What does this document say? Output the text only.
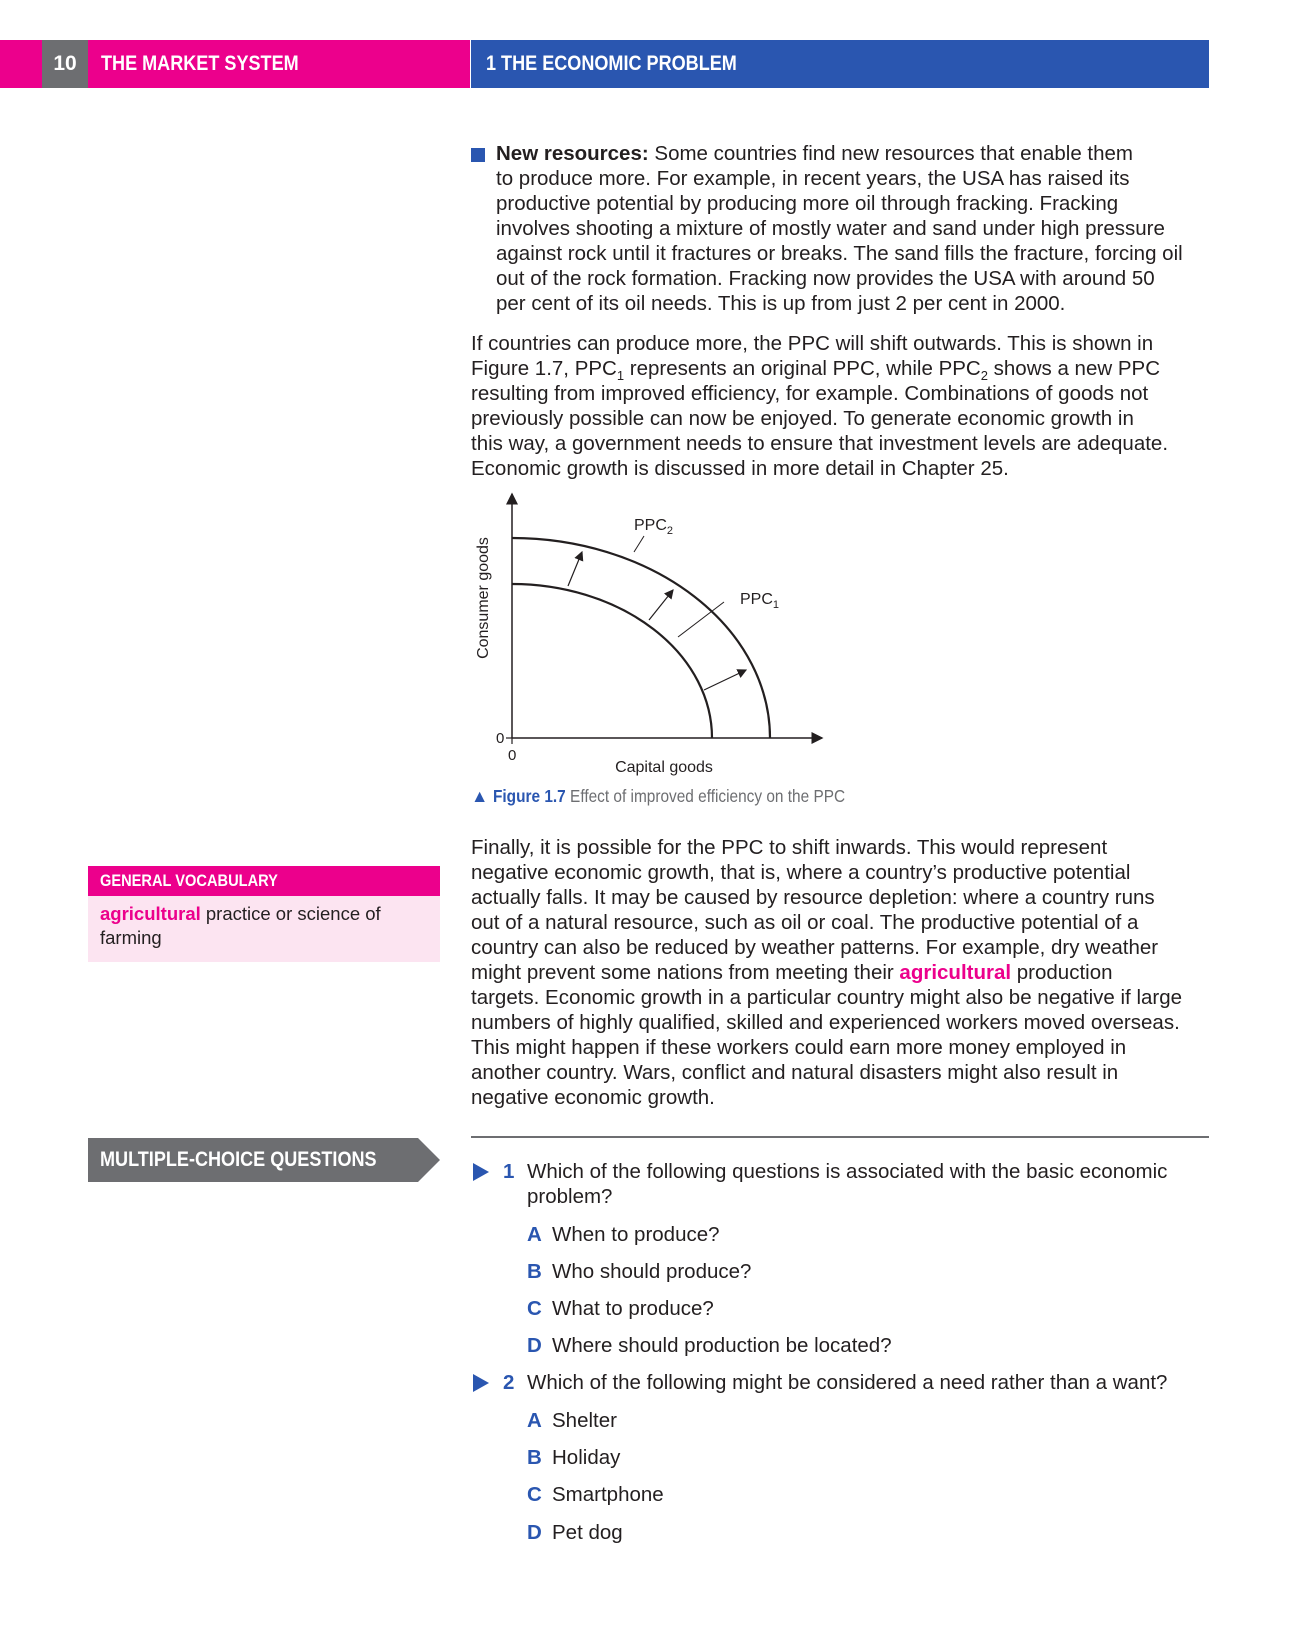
10	THE MARKET SYSTEM	1 THE ECONOMIC PROBLEM

New resources: Some countries find new resources that enable them

to produce more. For example, in recent years, the USA has raised its

productive potential by producing more oil through fracking. Fracking

involves shooting a mixture of mostly water and sand under high pressure

against rock until it fractures or breaks. The sand fills the fracture, forcing oil

out of the rock formation. Fracking now provides the USA with around 50

per cent of its oil needs. This is up from just 2 per cent in 2000.

If countries can produce more, the PPC will shift outwards. This is shown in

Figure 1.7, $PPC_1$ represents an original PPC, while $PPC_2$ shows a new PPC

resulting from improved efficiency, for example. Combinations of goods not

previously possible can now be enjoyed. To generate economic growth in

this way, a government needs to ensure that investment levels are adequate.

Economic growth is discussed in more detail in Chapter 25.

$PPC_2$
$PPC_1$
0
0
Capital goods
Consumer goods
▲ Figure 1.7 Effect of improved efficiency on the PPC
GENERAL VOCABULARY
agricultural practice or science of
farming

Finally, it is possible for the PPC to shift inwards. This would represent

negative economic growth, that is, where a country’s productive potential

actually falls. It may be caused by resource depletion: where a country runs

out of a natural resource, such as oil or coal. The productive potential of a

country can also be reduced by weather patterns. For example, dry weather

might prevent some nations from meeting their agricultural production

targets. Economic growth in a particular country might also be negative if large

numbers of highly qualified, skilled and experienced workers moved overseas.

This might happen if these workers could earn more money employed in

another country. Wars, conflict and natural disasters might also result in

negative economic growth.

MULTIPLE-CHOICE QUESTIONS
1 Which of the following questions is associated with the basic economic
problem?
A When to produce?
B Who should produce?
C What to produce?
D Where should production be located?
2 Which of the following might be considered a need rather than a want?
A Shelter
B Holiday
C Smartphone
D Pet dog
